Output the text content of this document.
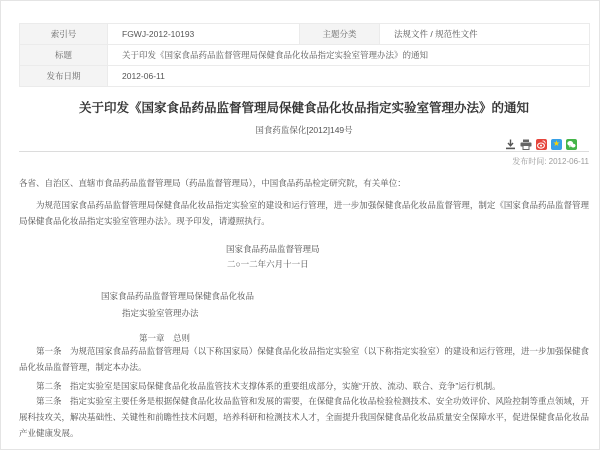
索引号	FGWJ-2012-10193	主题分类	法规文件 / 规范性文件
标题	关于印发《国家食品药品监督管理局保健食品化妆品指定实验室管理办法》的通知		
发布日期	2012-06-11		
关于印发《国家食品药品监督管理局保健食品化妆品指定实验室管理办法》的通知
国食药监保化[2012]149号
★
发布时间: 2012-06-11
各省、自治区、直辖市食品药品监督管理局（药品监督管理局），中国食品药品检定研究院，有关单位：
为规范国家食品药品监督管理局保健食品化妆品指定实验室的建设和运行管理，进一步加强保健食品化妆品监督管理，制定《国家食品药品监督管理局保健食品化妆品指定实验室管理办法》。现予印发，请遵照执行。
国家食品药品监督管理局
二○一二年六月十一日
国家食品药品监督管理局保健食品化妆品
指定实验室管理办法
第一章　总则
第一条　为规范国家食品药品监督管理局（以下称国家局）保健食品化妆品指定实验室（以下称指定实验室）的建设和运行管理，进一步加强保健食品化妆品监督管理，制定本办法。
第二条　指定实验室是国家局保健食品化妆品监管技术支撑体系的重要组成部分，实施“开放、流动、联合、竞争”运行机制。
第三条　指定实验室主要任务是根据保健食品化妆品监管和发展的需要，在保健食品化妆品检验检测技术、安全功效评价、风险控制等重点领域，开展科技攻关，解决基础性、关键性和前瞻性技术问题，培养科研和检测技术人才，全面提升我国保健食品化妆品质量安全保障水平，促进保健食品化妆品产业健康发展。
